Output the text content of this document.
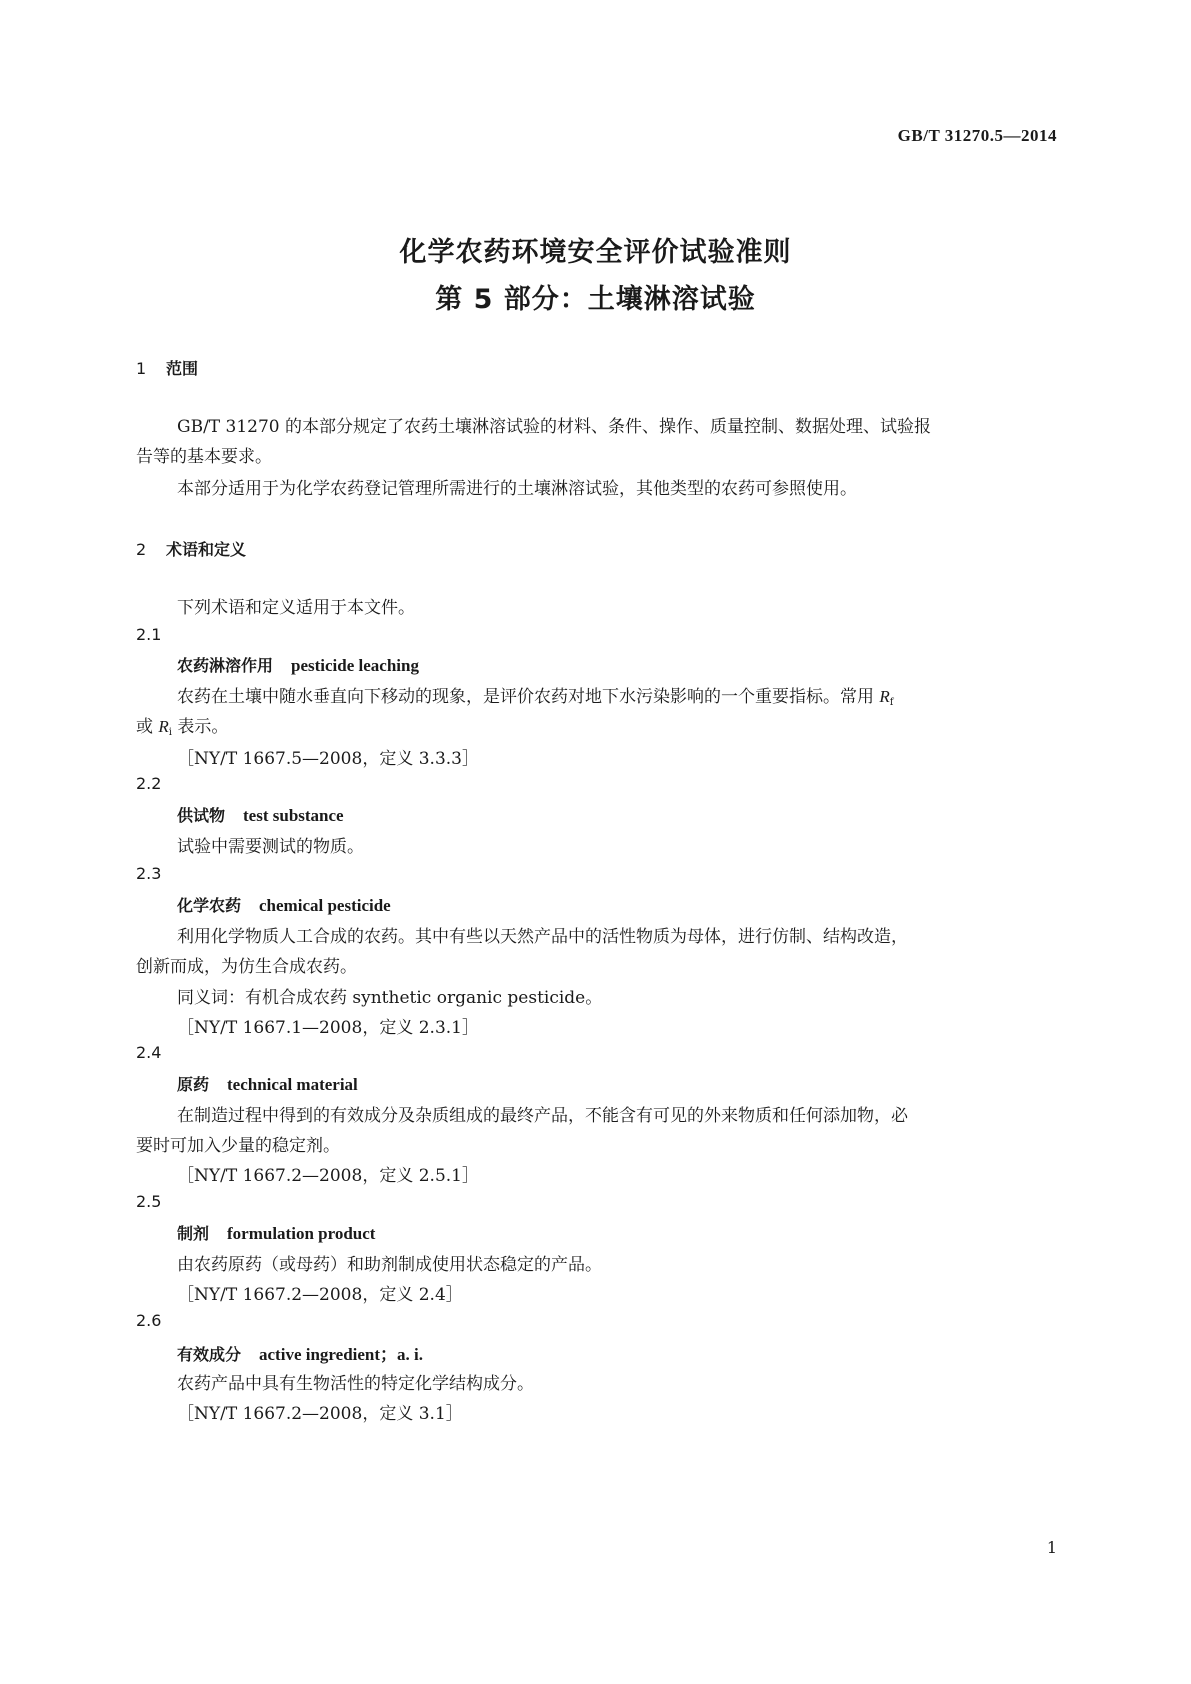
GB/T 31270.5—2014
化学农药环境安全评价试验准则
第 5 部分：土壤淋溶试验
1 范围
GB/T 31270 的本部分规定了农药土壤淋溶试验的材料、条件、操作、质量控制、数据处理、试验报
告等的基本要求。
本部分适用于为化学农药登记管理所需进行的土壤淋溶试验，其他类型的农药可参照使用。
2 术语和定义
下列术语和定义适用于本文件。
2.1
农药淋溶作用 pesticide leaching
农药在土壤中随水垂直向下移动的现象，是评价农药对地下水污染影响的一个重要指标。常用 $R_f$
或 $R_i$ 表示。
［NY/T 1667.5—2008，定义 3.3.3］
2.2
供试物 test substance
试验中需要测试的物质。
2.3
化学农药 chemical pesticide
利用化学物质人工合成的农药。其中有些以天然产品中的活性物质为母体，进行仿制、结构改造，
创新而成，为仿生合成农药。
同义词：有机合成农药 synthetic organic pesticide。
［NY/T 1667.1—2008，定义 2.3.1］
2.4
原药 technical material
在制造过程中得到的有效成分及杂质组成的最终产品，不能含有可见的外来物质和任何添加物，必
要时可加入少量的稳定剂。
［NY/T 1667.2—2008，定义 2.5.1］
2.5
制剂 formulation product
由农药原药（或母药）和助剂制成使用状态稳定的产品。
［NY/T 1667.2—2008，定义 2.4］
2.6
有效成分 active ingredient；a. i.
农药产品中具有生物活性的特定化学结构成分。
［NY/T 1667.2—2008，定义 3.1］
1
